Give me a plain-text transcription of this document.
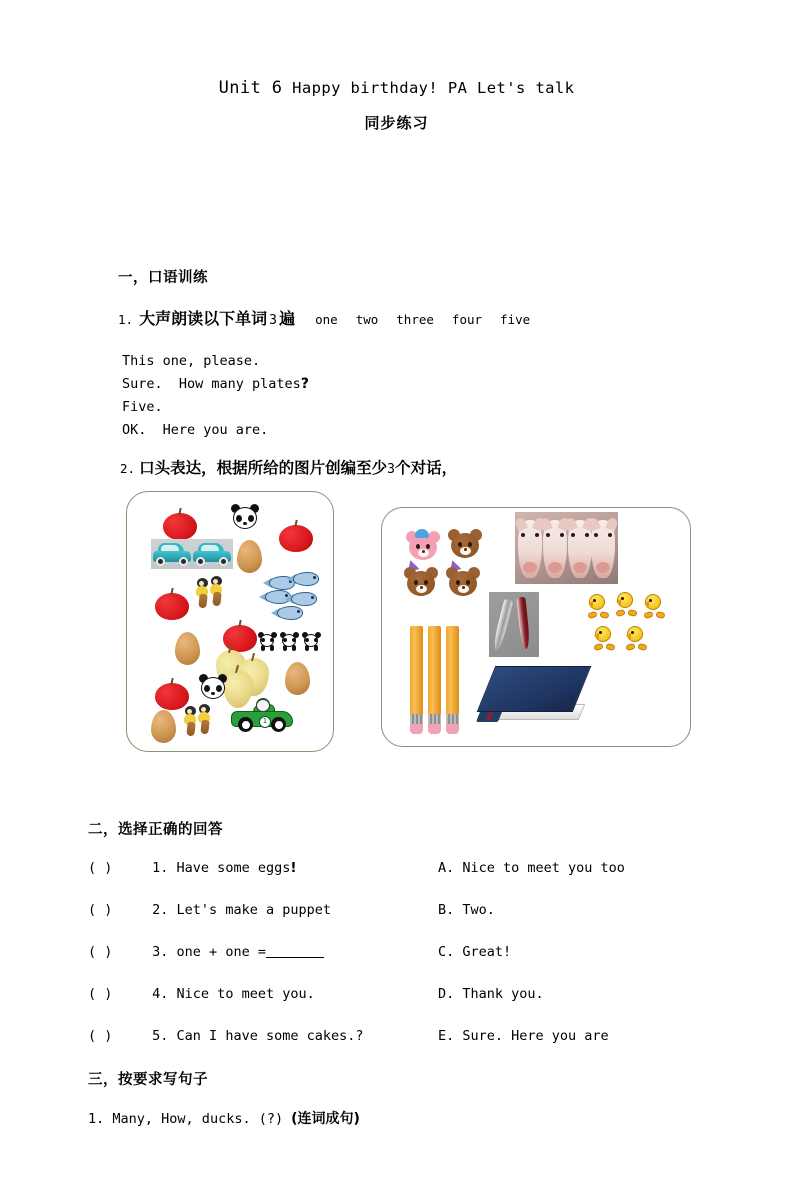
Unit 6 Happy birthday! PA Let's talk
同步练习
一，口语训练
1. 大声朗读以下单词 3 遍 one two three four five
This one, please.
Sure.  How many plates?
Five.
OK.  Here you are.
2. 口头表达，根据所给的图片创编至少3个对话，
1
二，选择正确的回答
( )	1. Have some eggs!	A. Nice to meet you too
( )	2. Let's make a puppet	B. Two.
( )	3. one + one =	C. Great!
( )	4. Nice to meet you.	D. Thank you.
( )	5. Can I have some cakes.?	E. Sure. Here you are
三，按要求写句子
1. Many, How, ducks. (?) (连词成句)
